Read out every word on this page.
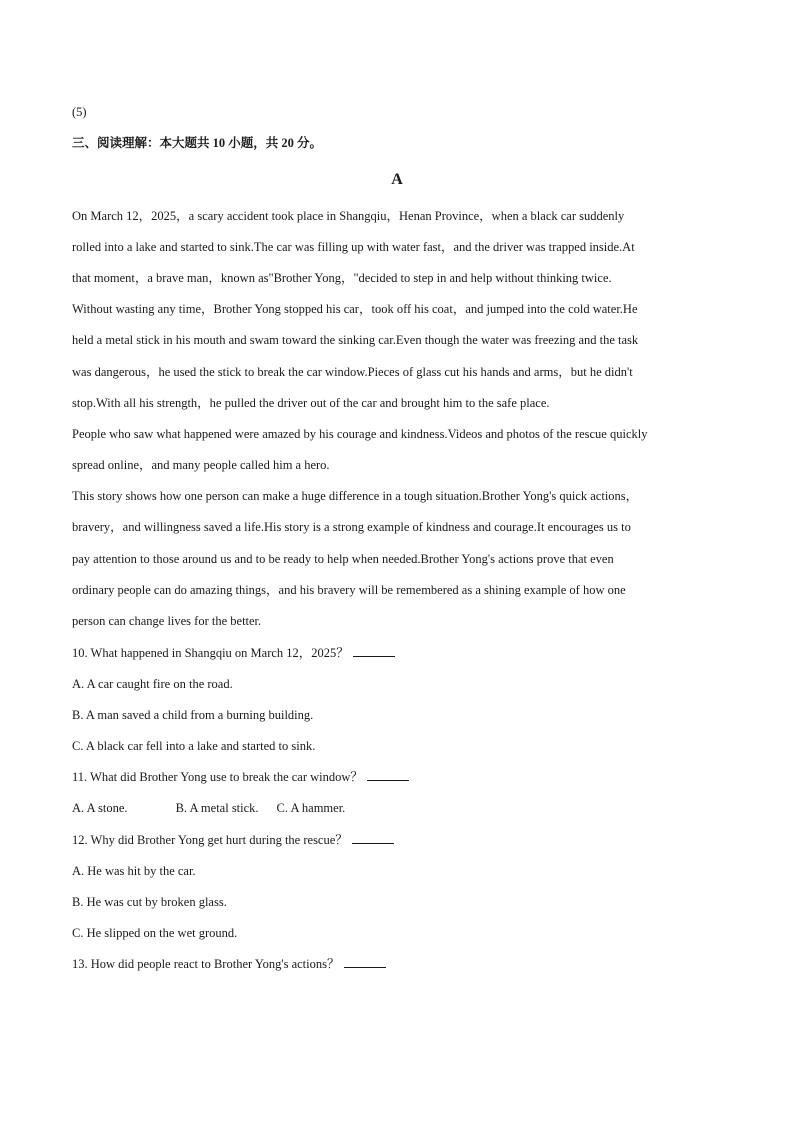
(5)
三、阅读理解：本大题共 10 小题，共 20 分。
A
On March 12，2025，a scary accident took place in Shangqiu，Henan Province，when a black car suddenly
rolled into a lake and started to sink.The car was filling up with water fast，and the driver was trapped inside.At
that moment，a brave man，known as"Brother Yong，"decided to step in and help without thinking twice.
Without wasting any time，Brother Yong stopped his car，took off his coat，and jumped into the cold water.He
held a metal stick in his mouth and swam toward the sinking car.Even though the water was freezing and the task
was dangerous，he used the stick to break the car window.Pieces of glass cut his hands and arms，but he didn't
stop.With all his strength，he pulled the driver out of the car and brought him to the safe place.
People who saw what happened were amazed by his courage and kindness.Videos and photos of the rescue quickly
spread online，and many people called him a hero.
This story shows how one person can make a huge difference in a tough situation.Brother Yong's quick actions，
bravery，and willingness saved a life.His story is a strong example of kindness and courage.It encourages us to
pay attention to those around us and to be ready to help when needed.Brother Yong's actions prove that even
ordinary people can do amazing things，and his bravery will be remembered as a shining example of how one
person can change lives for the better.
10. What happened in Shangqiu on March 12，2025？
A. A car caught fire on the road.
B. A man saved a child from a burning building.
C. A black car fell into a lake and started to sink.
11. What did Brother Yong use to break the car window？
A. A stone.	B. A metal stick. C. A hammer.
12. Why did Brother Yong get hurt during the rescue？
A. He was hit by the car.
B. He was cut by broken glass.
C. He slipped on the wet ground.
13. How did people react to Brother Yong's actions？
